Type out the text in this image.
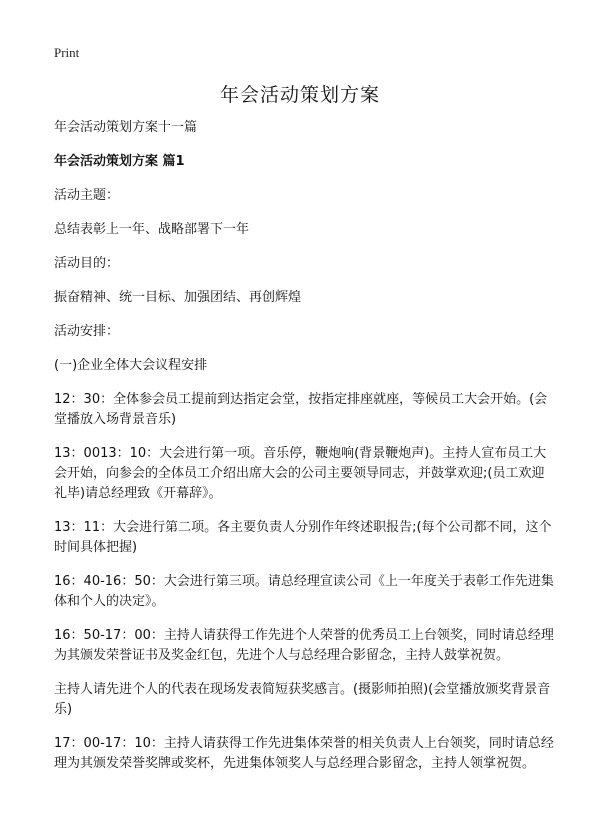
Print
年会活动策划方案

年会活动策划方案十一篇

年会活动策划方案 篇1

活动主题：

总结表彰上一年、战略部署下一年

活动目的：

振奋精神、统一目标、加强团结、再创辉煌

活动安排：

(一)企业全体大会议程安排

12：30：全体参会员工提前到达指定会堂，按指定排座就座，等候员工大会开始。(会堂播放入场背景音乐)

13：0013：10：大会进行第一项。音乐停，鞭炮响(背景鞭炮声)。主持人宣布员工大会开始，向参会的全体员工介绍出席大会的公司主要领导同志，并鼓掌欢迎;(员工欢迎礼毕)请总经理致《开幕辞》。

13：11：大会进行第二项。各主要负责人分别作年终述职报告;(每个公司都不同，这个时间具体把握)

16：40-16：50：大会进行第三项。请总经理宣读公司《上一年度关于表彰工作先进集体和个人的决定》。

16：50-17：00：主持人请获得工作先进个人荣誉的优秀员工上台领奖，同时请总经理为其颁发荣誉证书及奖金红包，先进个人与总经理合影留念，主持人鼓掌祝贺。

主持人请先进个人的代表在现场发表简短获奖感言。(摄影师拍照)(会堂播放颁奖背景音乐)

17：00-17：10：主持人请获得工作先进集体荣誉的相关负责人上台领奖，同时请总经理为其颁发荣誉奖牌或奖杯，先进集体领奖人与总经理合影留念，主持人领掌祝贺。
